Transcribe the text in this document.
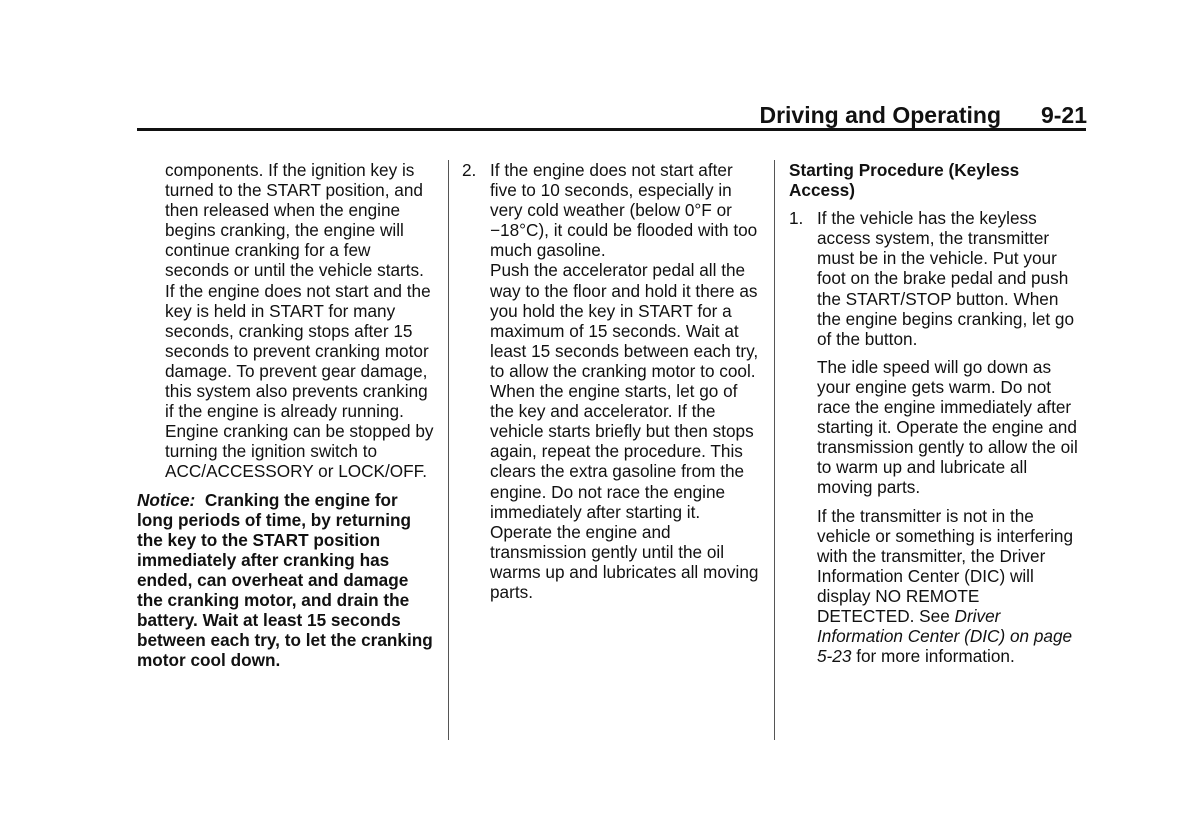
Driving and Operating 9-21

components. If the ignition key is turned to the START position, and then released when the engine begins cranking, the engine will continue cranking for a few seconds or until the vehicle starts. If the engine does not start and the key is held in START for many seconds, cranking stops after 15 seconds to prevent cranking motor damage. To prevent gear damage, this system also prevents cranking if the engine is already running. Engine cranking can be stopped by turning the ignition switch to ACC/ACCESSORY or LOCK/OFF.

Notice: Cranking the engine for long periods of time, by returning the key to the START position immediately after cranking has ended, can overheat and damage the cranking motor, and drain the battery. Wait at least 15 seconds between each try, to let the cranking motor cool down.

2. If the engine does not start after five to 10 seconds, especially in very cold weather (below 0°F or −18°C), it could be flooded with too much gasoline.

Push the accelerator pedal all the way to the floor and hold it there as you hold the key in START for a maximum of 15 seconds. Wait at least 15 seconds between each try, to allow the cranking motor to cool. When the engine starts, let go of the key and accelerator. If the vehicle starts briefly but then stops again, repeat the procedure. This clears the extra gasoline from the engine. Do not race the engine immediately after starting it. Operate the engine and transmission gently until the oil warms up and lubricates all moving parts.

Starting Procedure (Keyless Access)

1. If the vehicle has the keyless access system, the transmitter must be in the vehicle. Put your foot on the brake pedal and push the START/STOP button. When the engine begins cranking, let go of the button.

The idle speed will go down as your engine gets warm. Do not race the engine immediately after starting it. Operate the engine and transmission gently to allow the oil to warm up and lubricate all moving parts.

If the transmitter is not in the vehicle or something is interfering with the transmitter, the Driver Information Center (DIC) will display NO REMOTE DETECTED. See Driver Information Center (DIC) on page 5-23 for more information.
